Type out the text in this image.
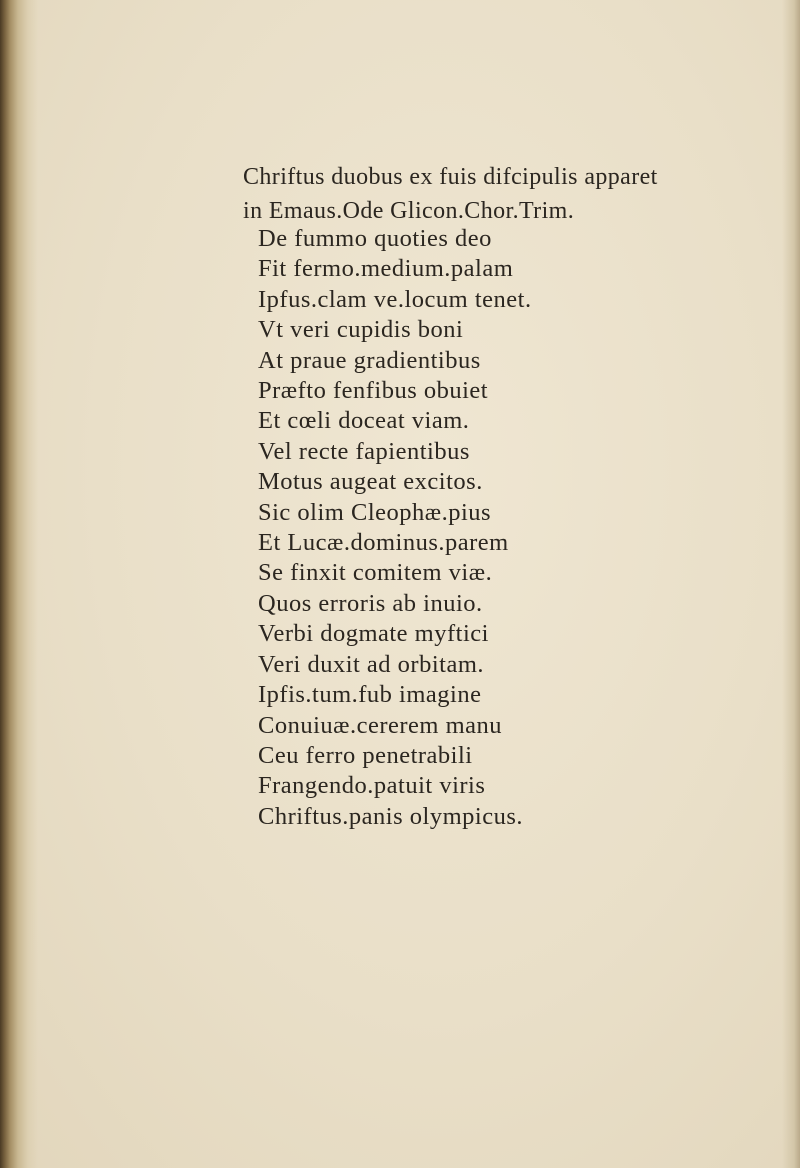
Chriftus duobus ex fuis difcipulis apparet
in Emaus.Ode Glicon.Chor.Trim.
De fummo quoties deo
Fit fermo.medium.palam
Ipfus.clam ve.locum tenet.
Vt veri cupidis boni
At praue gradientibus
Præfto fenfibus obuiet
Et cœli doceat viam.
Vel recte fapientibus
Motus augeat excitos.
Sic olim Cleophæ.pius
Et Lucæ.dominus.parem
Se finxit comitem viæ.
Quos erroris ab inuio.
Verbi dogmate myftici
Veri duxit ad orbitam.
Ipfis.tum.fub imagine
Conuiuæ.cererem manu
Ceu ferro penetrabili
Frangendo.patuit viris
Chriftus.panis olympicus.
